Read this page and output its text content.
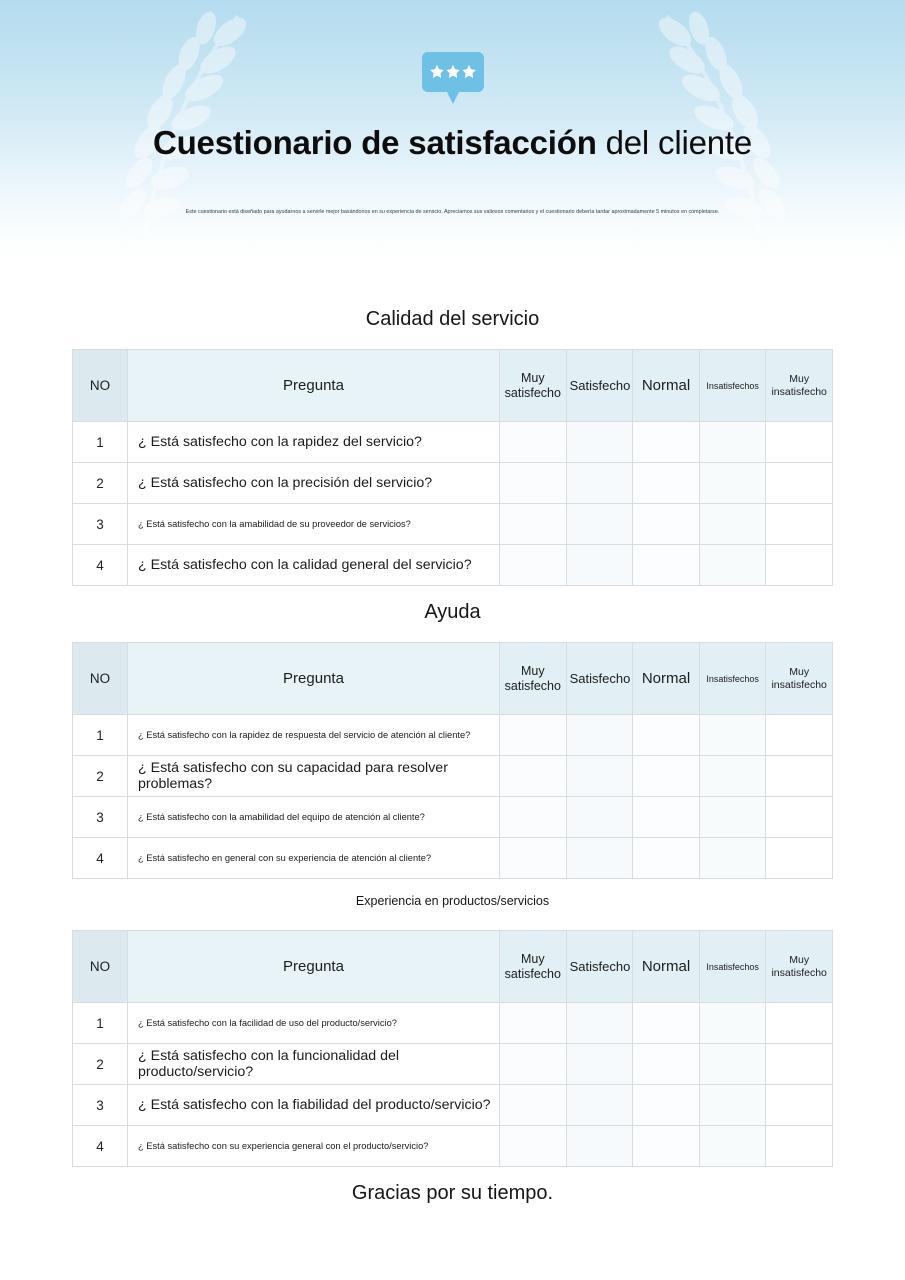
Cuestionario de satisfacción del cliente
Este cuestionario está diseñado para ayudarnos a servirle mejor basándonos en su experiencia de servicio. Apreciamos sus valiosos comentarios y el cuestionario debería tardar aproximadamente 5 minutos en completarse.
Calidad del servicio
NO	Pregunta	Muy satisfecho	Satisfecho	Normal	Insatisfechos	Muy insatisfecho
1	¿ Está satisfecho con la rapidez del servicio?					
2	¿ Está satisfecho con la precisión del servicio?					
3	¿ Está satisfecho con la amabilidad de su proveedor de servicios?					
4	¿ Está satisfecho con la calidad general del servicio?					
Ayuda
NO	Pregunta	Muy satisfecho	Satisfecho	Normal	Insatisfechos	Muy insatisfecho
1	¿ Está satisfecho con la rapidez de respuesta del servicio de atención al cliente?					
2	¿ Está satisfecho con su capacidad para resolver problemas?					
3	¿ Está satisfecho con la amabilidad del equipo de atención al cliente?					
4	¿ Está satisfecho en general con su experiencia de atención al cliente?					
Experiencia en productos/servicios
NO	Pregunta	Muy satisfecho	Satisfecho	Normal	Insatisfechos	Muy insatisfecho
1	¿ Está satisfecho con la facilidad de uso del producto/servicio?					
2	¿ Está satisfecho con la funcionalidad del producto/servicio?					
3	¿ Está satisfecho con la fiabilidad del producto/servicio?					
4	¿ Está satisfecho con su experiencia general con el producto/servicio?					
Gracias por su tiempo.
